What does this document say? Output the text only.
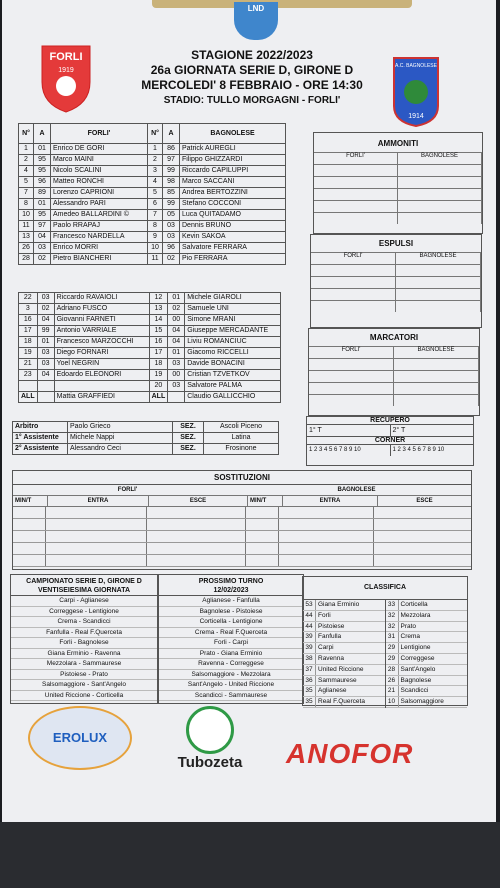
LND
FORLI
1919
A.C. BAGNOLESE
1914
STAGIONE 2022/2023
26a GIORNATA SERIE D, GIRONE D
MERCOLEDI' 8 FEBBRAIO - ORE 14:30
STADIO: TULLO MORGAGNI - FORLI'
N°	A	FORLI'	N°	A	BAGNOLESE
1	01	Enrico DE GORI	1	86	Patrick AUREGLI
2	95	Marco MAINI	2	97	Filippo GHIZZARDI
4	95	Nicolo SCALINI	3	99	Riccardo CAPILUPPI
5	96	Matteo RONCHI	4	98	Marco SACCANI
7	89	Lorenzo CAPRIONI	5	85	Andrea BERTOZZINI
8	01	Alessandro PARI	6	99	Stefano COCCONI
10	95	Amedeo BALLARDINI ©	7	05	Luca QUITADAMO
11	97	Paolo RRAPAJ	8	03	Dennis BRUNO
13	04	Francesco NARDELLA	9	03	Kevin SAKOA
26	03	Enrico MORRI	10	96	Salvatore FERRARA
28	02	Pietro BIANCHERI	11	02	Pio FERRARA
22	03	Riccardo RAVAIOLI	12	01	Michele GIAROLI
3	02	Adriano FUSCO	13	02	Samuele UNI
16	04	Giovanni FARNETI	14	00	Simone MRANI
17	99	Antonio VARRIALE	15	04	Giuseppe MERCADANTE
18	01	Francesco MARZOCCHI	16	04	Liviu ROMANCIUC
19	03	Diego FORNARI	17	01	Giacomo RICCELLI
21	03	Yoel NEGRIN	18	03	Davide BONACINI
23	04	Edoardo ELEONORI	19	00	Cristian TZVETKOV
			20	03	Salvatore PALMA
ALL		Mattia GRAFFIEDI	ALL		Claudio GALLICCHIO
Arbitro	Paolo Grieco	SEZ.	Ascoli Piceno
1° Assistente	Michele Nappi	SEZ.	Latina
2° Assistente	Alessandro Ceci	SEZ.	Frosinone
AMMONITI
FORLI'	BAGNOLESE
ESPULSI
FORLI'	BAGNOLESE
MARCATORI
FORLI'	BAGNOLESE
RECUPERO
1° T	2° T
CORNER
1 2 3 4 5 6 7 8 9 10	1 2 3 4 5 6 7 8 9 10
SOSTITUZIONI
FORLI'	BAGNOLESE
MIN/T	ENTRA	ESCE	MIN/T	ENTRA	ESCE
CAMPIONATO SERIE D, GIRONE D
VENTISEIESIMA GIORNATA
Carpi - Aglianese
Correggese - Lentigione
Crema - Scandicci
Fanfulla - Real F.Querceta
Forli - Bagnolese
Giana Erminio - Ravenna
Mezzolara - Sammaurese
Pistoiese - Prato
Salsomaggiore - Sant'Angelo
United Riccione - Corticella
PROSSIMO TURNO
12/02/2023
Aglianese - Fanfulla
Bagnolese - Pistoiese
Corticella - Lentigione
Crema - Real F.Querceta
Forli - Carpi
Prato - Giana Erminio
Ravenna - Correggese
Salsomaggiore - Mezzolara
Sant'Angelo - United Riccione
Scandicci - Sammaurese
CLASSIFICA
53 Giana Erminio
44 Forli
44 Pistoiese
39 Fanfulla
39 Carpi
38 Ravenna
37 United Riccione
36 Sammaurese
35 Aglianese
35 Real F.Querceta
33 Corticella
32 Mezzolara
32 Prato
31 Crema
29 Lentigione
29 Correggese
28 Sant'Angelo
26 Bagnolese
21 Scandicci
10 Salsomaggiore
EROLUX
Tubozeta	ANOFOR
